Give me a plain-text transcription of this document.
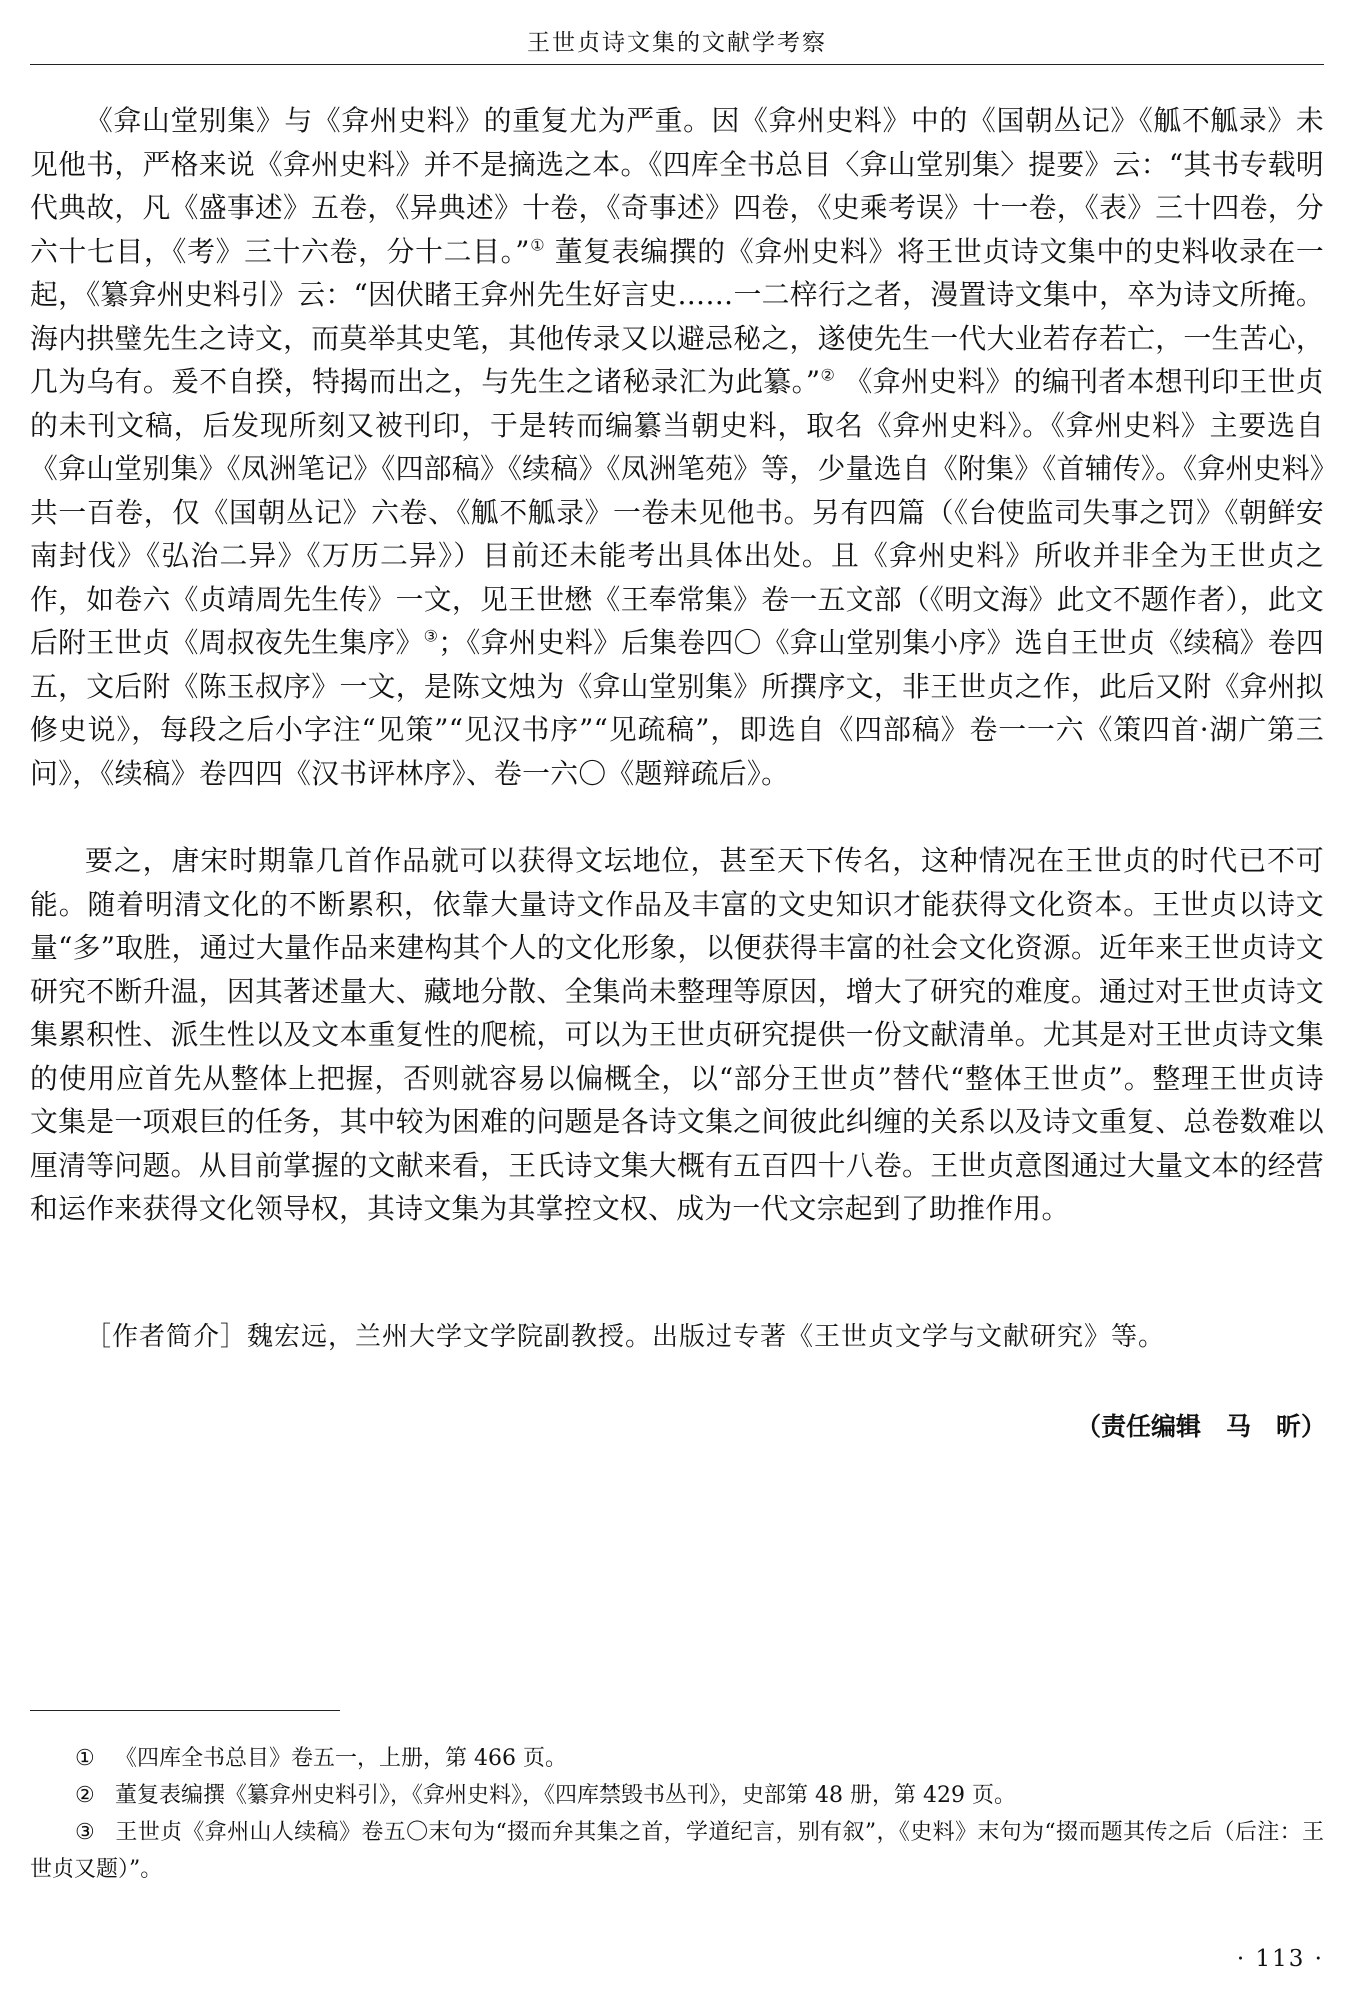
王世贞诗文集的文献学考察

《弇山堂别集》与《弇州史料》的重复尤为严重。因《弇州史料》中的《国朝丛记》《觚不觚录》未见他书，严格来说《弇州史料》并不是摘选之本。《四库全书总目〈弇山堂别集〉提要》云：“其书专载明代典故，凡《盛事述》五卷，《异典述》十卷，《奇事述》四卷，《史乘考误》十一卷，《表》三十四卷，分六十七目，《考》三十六卷，分十二目。”① 董复表编撰的《弇州史料》将王世贞诗文集中的史料收录在一起，《纂弇州史料引》云：“因伏睹王弇州先生好言史……一二梓行之者，漫置诗文集中，卒为诗文所掩。海内拱璧先生之诗文，而莫举其史笔，其他传录又以避忌秘之，遂使先生一代大业若存若亡，一生苦心，几为乌有。爰不自揆，特揭而出之，与先生之诸秘录汇为此纂。”② 《弇州史料》的编刊者本想刊印王世贞的未刊文稿，后发现所刻又被刊印，于是转而编纂当朝史料，取名《弇州史料》。《弇州史料》主要选自《弇山堂别集》《凤洲笔记》《四部稿》《续稿》《凤洲笔苑》等，少量选自《附集》《首辅传》。《弇州史料》共一百卷，仅《国朝丛记》六卷、《觚不觚录》一卷未见他书。另有四篇（《台使监司失事之罚》《朝鲜安南封伐》《弘治二异》《万历二异》）目前还未能考出具体出处。且《弇州史料》所收并非全为王世贞之作，如卷六《贞靖周先生传》一文，见王世懋《王奉常集》卷一五文部（《明文海》此文不题作者），此文后附王世贞《周叔夜先生集序》③；《弇州史料》后集卷四〇《弇山堂别集小序》选自王世贞《续稿》卷四五，文后附《陈玉叔序》一文，是陈文烛为《弇山堂别集》所撰序文，非王世贞之作，此后又附《弇州拟修史说》，每段之后小字注“见策”“见汉书序”“见疏稿”，即选自《四部稿》卷一一六《策四首·湖广第三问》，《续稿》卷四四《汉书评林序》、卷一六〇《题辩疏后》。

要之，唐宋时期靠几首作品就可以获得文坛地位，甚至天下传名，这种情况在王世贞的时代已不可能。随着明清文化的不断累积，依靠大量诗文作品及丰富的文史知识才能获得文化资本。王世贞以诗文量“多”取胜，通过大量作品来建构其个人的文化形象，以便获得丰富的社会文化资源。近年来王世贞诗文研究不断升温，因其著述量大、藏地分散、全集尚未整理等原因，增大了研究的难度。通过对王世贞诗文集累积性、派生性以及文本重复性的爬梳，可以为王世贞研究提供一份文献清单。尤其是对王世贞诗文集的使用应首先从整体上把握，否则就容易以偏概全，以“部分王世贞”替代“整体王世贞”。整理王世贞诗文集是一项艰巨的任务，其中较为困难的问题是各诗文集之间彼此纠缠的关系以及诗文重复、总卷数难以厘清等问题。从目前掌握的文献来看，王氏诗文集大概有五百四十八卷。王世贞意图通过大量文本的经营和运作来获得文化领导权，其诗文集为其掌控文权、成为一代文宗起到了助推作用。

［作者简介］魏宏远，兰州大学文学院副教授。出版过专著《王世贞文学与文献研究》等。
（责任编辑　马　昕）

① 《四库全书总目》卷五一，上册，第 466 页。

② 董复表编撰《纂弇州史料引》，《弇州史料》，《四库禁毁书丛刊》，史部第 48 册，第 429 页。

③ 王世贞《弇州山人续稿》卷五〇末句为“掇而弁其集之首，学道纪言，别有叙”，《史料》末句为“掇而题其传之后（后注：王世贞又题）”。

· 113 ·
